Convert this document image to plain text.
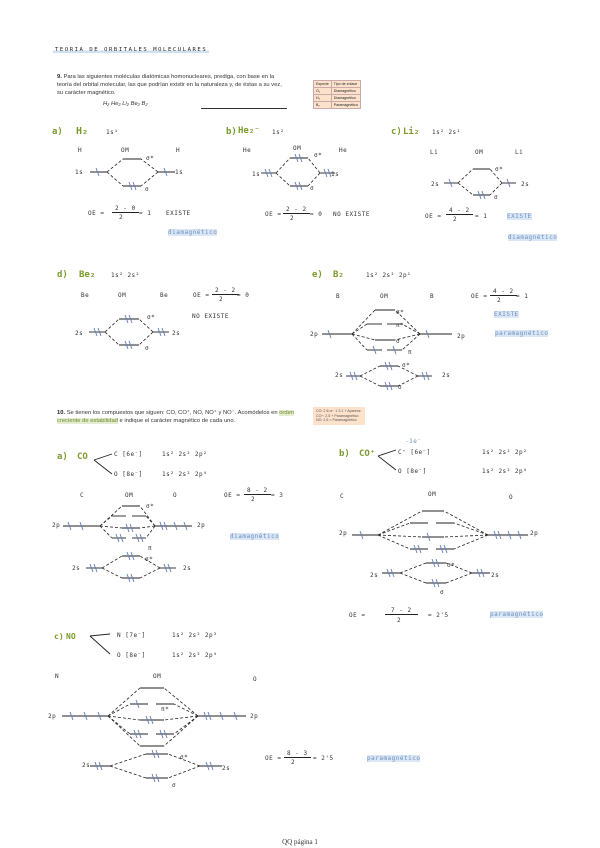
TEORIA DE ORBITALES MOLECULARES
9. Para las siguientes moléculas diatómicas homonucleares, prediga, con base en la teoría del orbital molecular, las que podrían existir en la naturaleza y, de éstas a su vez, su carácter magnético.
H₂ He₂ Li₂ Be₂ B₂
Especie	Tipo de enlace
O₂	Diamagnético
H₂	Diamagnético
B₂	Paramagnético
a) H₂	1s¹
H	OM	H
1s	1s
σ*
σ
OE =
2 - 0
2
= 1 EXISTE
diamagnético
b) He₂⁻ 1s²
He	OM	He
1s	1s
σ*
σ
OE =
2 - 2
2
= 0 NO EXISTE
c) Li₂ 1s² 2s¹
Li	OM	Li
2s	2s
σ*
σ
OE =
4 - 2
2	= 1	EXISTE
diamagnético
d) Be₂	1s² 2s²
Be	OM	Be
2s	2s
σ*
σ
OE =
2 - 2
2
= 0
NO EXISTE
e) B₂	1s² 2s² 2p¹
B	OM	B
2p	2p
2s	2s
σ*
π*
σ
π
σ*
σ
OE =
4 - 2
2
= 1
EXISTE
paramagnético
10. Se tienen los compuestos que siguen: CO, CO⁺, NO, NO⁺ y NO⁻. Acomódelos en orden creciente de estabilidad e indique el carácter magnético de cada uno.
CO: 2 6=e⁻ 1 3.1 + Aparece.
CO⁺: 2.5 + Paramagnético
NO: 2.5 = Paramagnético
a) CO	C [6e⁻]	1s² 2s² 2p²
O [8e⁻]	1s² 2s² 2p⁴
C	OM	O
2p	2p
2s	2s
σ*
π
σ*
OE =
8 - 2
2
= 3
diamagnético
b) CO⁺
-1e⁻
C⁺ [6e⁻]	1s² 2s² 2p²
O [8e⁻]	1s² 2s² 2p⁴
C	OM	O
2p	2p
2s	2s
σ*
σ
OE =
7 - 2
2
= 2'5	paramagnético
c) NO	N [7e⁻]	1s² 2s² 2p³
O [8e⁻]	1s² 2s² 2p⁴
N	OM	O
2p	2p
2s	2s
π*
σ*
σ
OE =
8 - 3
2
= 2'5	paramagnético
QQ página 1
